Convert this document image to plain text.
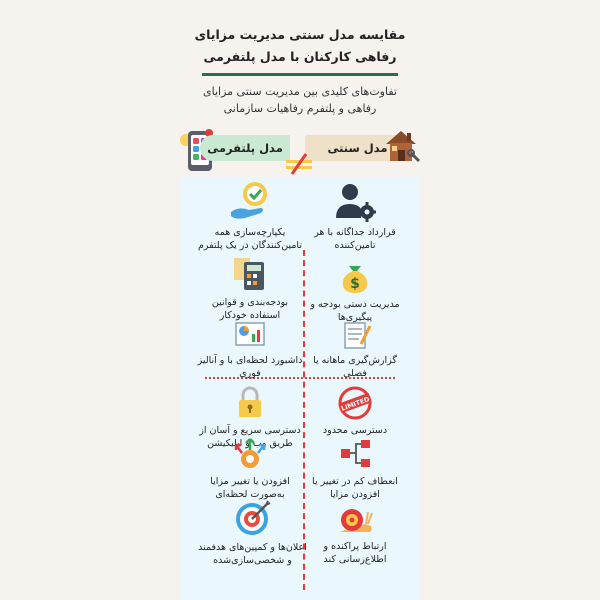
مقایسه مدل سنتی مدیریت مزایای رفاهی کارکنان با مدل پلتفرمی
تفاوت‌های کلیدی بین مدیریت سنتی مزایای رفاهی و پلتفرم رفاهیات سازمانی
مدل پلتفرمی	مدل سنتی
یکپارچه‌سازی همه تامین‌کنندگان در یک پلتفرم
بودجه‌بندی و قوانین استفاده خودکار
داشبورد لحظه‌ای با و آنالیز فوری
دسترسی سریع و آسان از طریق وب و اپلیکیشن
افزودن یا تغییر مزایا به‌صورت لحظه‌ای
اعلان‌ها و کمپین‌های هدفمند و شخصی‌سازی‌شده
قرارداد جداگانه با هر تامین‌کننده
$
مدیریت دستی بودجه و پیگیری‌ها
گزارش‌گیری ماهانه یا فصلی
LIMITED
دسترسی محدود
انعطاف کم در تغییر یا افزودن مزایا
ارتباط پراکنده و اطلاع‌رسانی کند
